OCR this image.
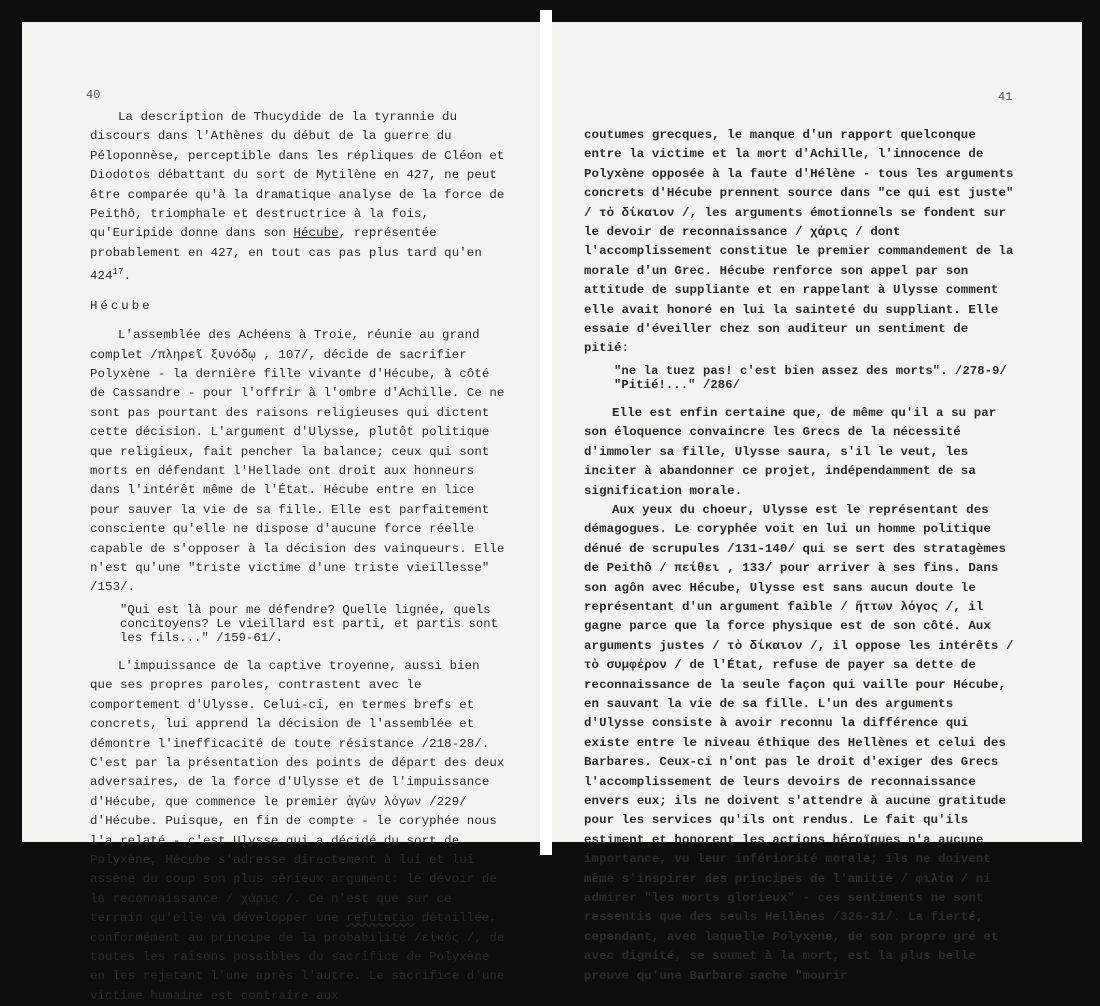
40

La description de Thucydide de la tyrannie du discours dans l'Athènes du début de la guerre du Péloponnèse, perceptible dans les répliques de Cléon et Diodotos débattant du sort de Mytilène en 427, ne peut être comparée qu'à la dramatique analyse de la force de Peithô, triomphale et destructrice à la fois, qu'Euripide donne dans son Hécube, représentée probablement en 427, en tout cas pas plus tard qu'en $424^{17}$.

Hécube

L'assemblée des Achéens à Troie, réunie au grand complet /πληρεῖ ξυνόδῳ , 107/, décide de sacrifier Polyxène - la dernière fille vivante d'Hécube, à côté de Cassandre - pour l'offrir à l'ombre d'Achille. Ce ne sont pas pourtant des raisons religieuses qui dictent cette décision. L'argument d'Ulysse, plutôt politique que religieux, fait pencher la balance; ceux qui sont morts en défendant l'Hellade ont droit aux honneurs dans l'intérêt même de l'État. Hécube entre en lice pour sauver la vie de sa fille. Elle est parfaitement consciente qu'elle ne dispose d'aucune force réelle capable de s'opposer à la décision des vainqueurs. Elle n'est qu'une "triste victime d'une triste vieillesse" /153/.

"Qui est là pour me défendre? Quelle lignée, quels concitoyens? Le vieillard est parti, et partis sont les fils..." /159-61/.

L'impuissance de la captive troyenne, aussi bien que ses propres paroles, contrastent avec le comportement d'Ulysse. Celui-ci, en termes brefs et concrets, lui apprend la décision de l'assemblée et démontre l'inefficacité de toute résistance /218-28/. C'est par la présentation des points de départ des deux adversaires, de la force d'Ulysse et de l'impuissance d'Hécube, que commence le premier ἀγὼν λόγων /229/ d'Hécube. Puisque, en fin de compte - le coryphée nous l'a relaté - c'est Ulysse qui a décidé du sort de Polyxène, Hécube s'adresse directement à lui et lui assène du coup son plus sérieux argument: le devoir de la reconnaissance / χάρις /. Ce n'est que sur ce terrain qu'elle va développer une refutatio détaillée, conformément au principe de la probabilité /εἰκός /, de toutes les raisons possibles du sacrifice de Polyxène en les rejetant l'une après l'autre. Le sacrifice d'une victime humaine est contraire aux

41

coutumes grecques, le manque d'un rapport quelconque entre la victime et la mort d'Achille, l'innocence de Polyxène opposée à la faute d'Hélène - tous les arguments concrets d'Hécube prennent source dans "ce qui est juste" / τὸ δίκαιον /, les arguments émotionnels se fondent sur le devoir de reconnaissance / χάρις / dont l'accomplissement constitue le premier commandement de la morale d'un Grec. Hécube renforce son appel par son attitude de suppliante et en rappelant à Ulysse comment elle avait honoré en lui la sainteté du suppliant. Elle essaie d'éveiller chez son auditeur un sentiment de pitié:

"ne la tuez pas! c'est bien assez des morts". /278-9/ "Pitié!..." /286/

Elle est enfin certaine que, de même qu'il a su par son éloquence convaincre les Grecs de la nécessité d'immoler sa fille, Ulysse saura, s'il le veut, les inciter à abandonner ce projet, indépendamment de sa signification morale.

Aux yeux du choeur, Ulysse est le représentant des démagogues. Le coryphée voit en lui un homme politique dénué de scrupules /131-140/ qui se sert des stratagèmes de Peithô / πείθει , 133/ pour arriver à ses fins. Dans son agôn avec Hécube, Ulysse est sans aucun doute le représentant d'un argument faible / ἥττων λόγος /, il gagne parce que la force physique est de son côté. Aux arguments justes / τὸ δίκαιον /, il oppose les intérêts / τὸ συμφέρον / de l'État, refuse de payer sa dette de reconnaissance de la seule façon qui vaille pour Hécube, en sauvant la vie de sa fille. L'un des arguments d'Ulysse consiste à avoir reconnu la différence qui existe entre le niveau éthique des Hellènes et celui des Barbares. Ceux-ci n'ont pas le droit d'exiger des Grecs l'accomplissement de leurs devoirs de reconnaissance envers eux; ils ne doivent s'attendre à aucune gratitude pour les services qu'ils ont rendus. Le fait qu'ils estiment et honorent les actions héroïques n'a aucune importance, vu leur infériorité morale; ils ne doivent même s'inspirer des principes de l'amitié / φιλία / ni admirer "les morts glorieux" - ces sentiments ne sont ressentis que des seuls Hellènes /326-31/. La fierté, cependant, avec laquelle Polyxène, de son propre gré et avec dignité, se soumet à la mort, est la plus belle preuve qu'une Barbare sache "mourir
